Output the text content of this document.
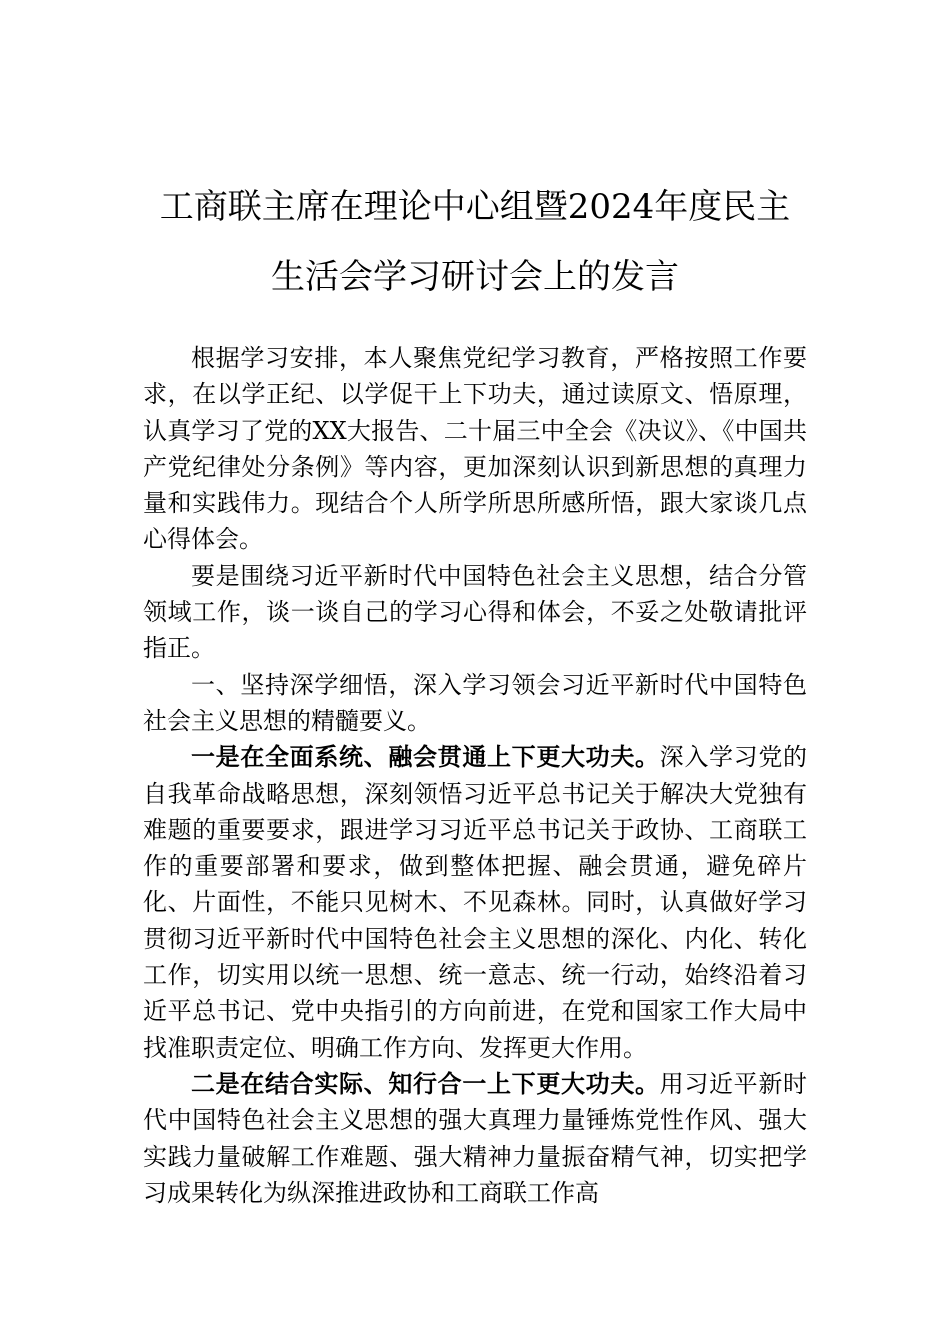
工商联主席在理论中心组暨2024年度民主
生活会学习研讨会上的发言

根据学习安排，本人聚焦党纪学习教育，严格按照工作要求，在以学正纪、以学促干上下功夫，通过读原文、悟原理，认真学习了党的XX大报告、二十届三中全会《决议》、《中国共产党纪律处分条例》等内容，更加深刻认识到新思想的真理力量和实践伟力。现结合个人所学所思所感所悟，跟大家谈几点心得体会。

要是围绕习近平新时代中国特色社会主义思想，结合分管领域工作，谈一谈自己的学习心得和体会，不妥之处敬请批评指正。

一、坚持深学细悟，深入学习领会习近平新时代中国特色社会主义思想的精髓要义。

一是在全面系统、融会贯通上下更大功夫。深入学习党的自我革命战略思想，深刻领悟习近平总书记关于解决大党独有难题的重要要求，跟进学习习近平总书记关于政协、工商联工作的重要部署和要求，做到整体把握、融会贯通，避免碎片化、片面性，不能只见树木、不见森林。同时，认真做好学习贯彻习近平新时代中国特色社会主义思想的深化、内化、转化工作，切实用以统一思想、统一意志、统一行动，始终沿着习近平总书记、党中央指引的方向前进，在党和国家工作大局中找准职责定位、明确工作方向、发挥更大作用。

二是在结合实际、知行合一上下更大功夫。用习近平新时代中国特色社会主义思想的强大真理力量锤炼党性作风、强大实践力量破解工作难题、强大精神力量振奋精气神，切实把学习成果转化为纵深推进政协和工商联工作高
